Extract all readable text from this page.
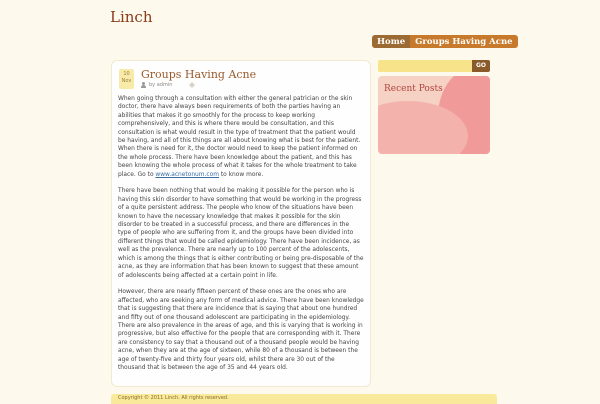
Linch
Home	Groups Having Acne
10
Nov Groups Having Acne
by admin

When going through a consultation with either the general patrician or the skin doctor, there have always been requirements of both the parties having an abilities that makes it go smoothly for the process to keep working comprehensively, and this is where there would be consultation, and this consultation is what would result in the type of treatment that the patient would be having, and all of this things are all about knowing what is best for the patient. When there is need for it, the doctor would need to keep the patient informed on the whole process. There have been knowledge about the patient, and this has been knowing the whole process of what it takes for the whole treatment to take place. Go to www.acnetonum.com to know more.

There have been nothing that would be making it possible for the person who is having this skin disorder to have something that would be working in the progress of a quite persistent address. The people who know of the situations have been known to have the necessary knowledge that makes it possible for the skin disorder to be treated in a successful process, and there are differences in the type of people who are suffering from it, and the groups have been divided into different things that would be called epidemiology. There have been incidence, as well as the prevalence. There are nearly up to 100 percent of the adolescents, which is among the things that is either contributing or being pre-disposable of the acne, as they are information that has been known to suggest that these amount of adolescents being affected at a certain point in life.

However, there are nearly fifteen percent of these ones are the ones who are affected, who are seeking any form of medical advice. There have been knowledge that is suggesting that there are incidence that is saying that about one hundred and fifty out of one thousand adolescent are participating in the epidemiology. There are also prevalence in the areas of age, and this is varying that is working in progressive, but also effective for the people that are corresponding with it. There are consistency to say that a thousand out of a thousand people would be having acne, when they are at the age of sixteen, while 80 of a thousand is between the age of twenty-five and thirty four years old, whilst there are 30 out of the thousand that is between the age of 35 and 44 years old.

GO
Recent Posts
Copyright © 2011 Linch. All rights reserved.
